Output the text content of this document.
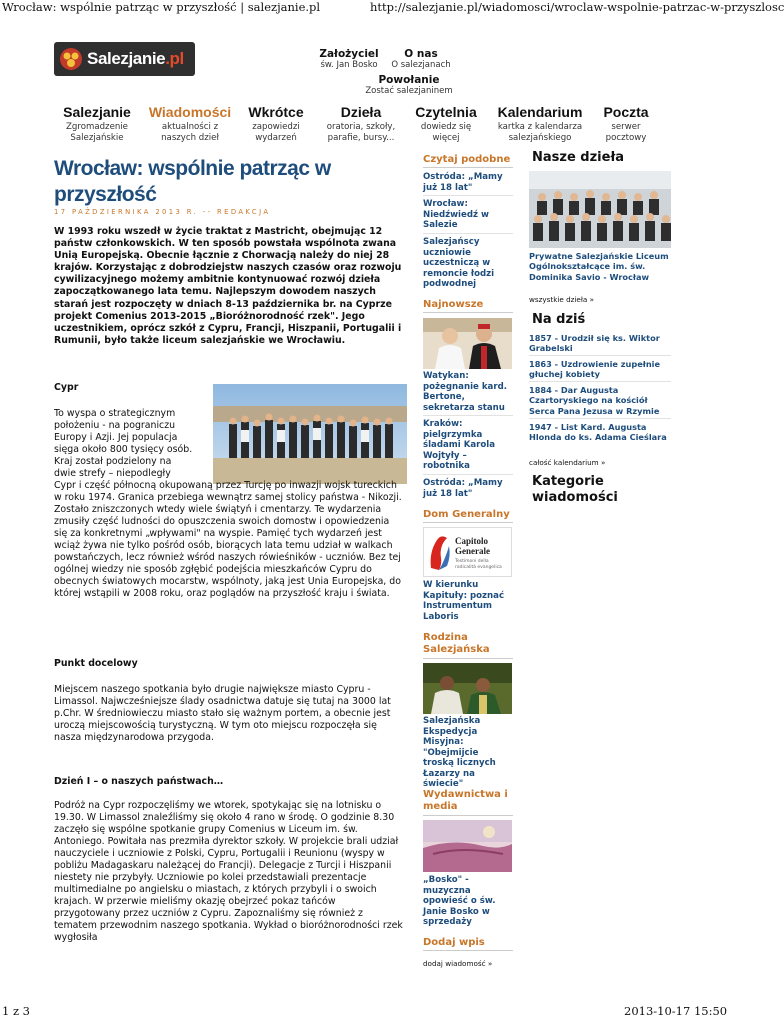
Wrocław: wspólnie patrząc w przyszłość | salezjanie.pl	http://salezjanie.pl/wiadomosci/wroclaw-wspolnie-patrzac-w-przyszlosc
Salezjanie.pl	Założyciel
św. Jan Bosko
O nas
O salezjanach
Powołanie
Zostać salezjaninem
Salezjanie
Zgromadzenie Salezjańskie
Wiadomości
aktualności z naszych dzieł
Wkrótce
zapowiedzi wydarzeń
Dzieła
oratoria, szkoły, parafie, bursy...
Czytelnia
dowiedz się więcej
Kalendarium
kartka z kalendarza salezjańskiego
Poczta
serwer pocztowy
Wrocław: wspólnie patrząc w przyszłość
17 PAŹDZIERNIKA 2013 R. -- REDAKCJA
W 1993 roku wszedł w życie traktat z Mastricht, obejmując 12 państw członkowskich. W ten sposób powstała wspólnota zwana Unią Europejską. Obecnie łącznie z Chorwacją należy do niej 28 krajów. Korzystając z dobrodziejstw naszych czasów oraz rozwoju cywilizacyjnego możemy ambitnie kontynuować rozwój dzieła zapoczątkowanego lata temu. Najlepszym dowodem naszych starań jest rozpoczęty w dniach 8-13 października br. na Cyprze projekt Comenius 2013-2015 „Bioróżnorodność rzek". Jego uczestnikiem, oprócz szkół z Cypru, Francji, Hiszpanii, Portugalii i Rumunii, było także liceum salezjańskie we Wrocławiu.
Cypr
To wyspa o strategicznym
położeniu - na pograniczu
Europy i Azji. Jej populacja
sięga około 800 tysięcy osób.
Kraj został podzielony na
dwie strefy – niepodległy
Cypr i część północną okupowaną przez Turcję po inwazji wojsk tureckich w roku 1974. Granica przebiega wewnątrz samej stolicy państwa - Nikozji. Zostało zniszczonych wtedy wiele świątyń i cmentarzy. Te wydarzenia zmusiły część ludności do opuszczenia swoich domostw i opowiedzenia się za konkretnymi „wpływami" na wyspie. Pamięć tych wydarzeń jest wciąż żywa nie tylko pośród osób, biorących lata temu udział w walkach powstańczych, lecz również wśród naszych rówieśników - uczniów. Bez tej ogólnej wiedzy nie sposób zgłębić podejścia mieszkańców Cypru do obecnych światowych mocarstw, wspólnoty, jaką jest Unia Europejska, do której wstąpili w 2008 roku, oraz poglądów na przyszłość kraju i świata.
Punkt docelowy
Miejscem naszego spotkania było drugie największe miasto Cypru - Limassol. Najwcześniejsze ślady osadnictwa datuje się tutaj na 3000 lat p.Chr. W średniowieczu miasto stało się ważnym portem, a obecnie jest uroczą miejscowością turystyczną. W tym oto miejscu rozpoczęła się nasza międzynarodowa przygoda.
Dzień I – o naszych państwach…
Podróż na Cypr rozpoczęliśmy we wtorek, spotykając się na lotnisku o 19.30. W Limassol znaleźliśmy się około 4 rano w środę. O godzinie 8.30 zaczęło się wspólne spotkanie grupy Comenius w Liceum im. św. Antoniego. Powitała nas prezmiła dyrektor szkoły. W projekcie brali udział nauczyciele i uczniowie z Polski, Cypru, Portugalii i Reunionu (wyspy w pobliżu Madagaskaru należącej do Francji). Delegacje z Turcji i Hiszpanii niestety nie przybyły. Uczniowie po kolei przedstawiali prezentacje multimedialne po angielsku o miastach, z których przybyli i o swoich krajach. W przerwie mieliśmy okazję obejrzeć pokaz tańców przygotowany przez uczniów z Cypru. Zapoznaliśmy się również z tematem przewodnim naszego spotkania. Wykład o bioróżnorodności rzek wygłosiła
Czytaj podobne
Ostróda: „Mamy już 18 lat"
Wrocław: Niedźwiedź w Salezie
Salezjańscy uczniowie uczestniczą w remoncie łodzi podwodnej
Najnowsze
Watykan: pożegnanie kard. Bertone, sekretarza stanu
Kraków: pielgrzymka śladami Karola Wojtyły – robotnika
Ostróda: „Mamy już 18 lat"
Dom Generalny
Capitolo Generale
Testimoni della radicalità evangelica
W kierunku Kapituły: poznać Instrumentum Laboris
Rodzina Salezjańska
Salezjańska Ekspedycja Misyjna: "Obejmijcie troską licznych Łazarzy na świecie"
Wydawnictwa i media
„Bosko" - muzyczna opowieść o św. Janie Bosko w sprzedaży
Dodaj wpis
dodaj wiadomość »
Nasze dzieła
Prywatne Salezjańskie Liceum Ogólnokształcące im. św. Dominika Savio - Wrocław
wszystkie dzieła »
Na dziś
1857 - Urodził się ks. Wiktor Grabelski
1863 - Uzdrowienie zupełnie głuchej kobiety
1884 - Dar Augusta Czartoryskiego na kościół Serca Pana Jezusa w Rzymie
1947 - List Kard. Augusta Hlonda do ks. Adama Cieślara
całość kalendarium »
Kategorie wiadomości
1 z 3	2013-10-17 15:50
